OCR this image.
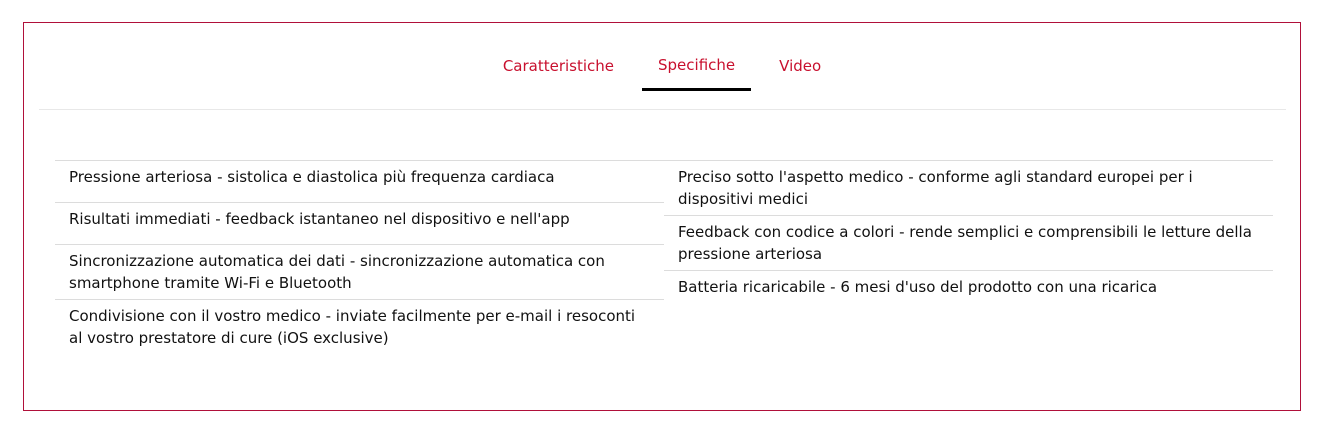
Caratteristiche	Specifiche	Video
Pressione arteriosa - sistolica e diastolica più frequenza cardiaca
Risultati immediati - feedback istantaneo nel dispositivo e nell'app
Sincronizzazione automatica dei dati - sincronizzazione automatica con smartphone tramite Wi-Fi e Bluetooth
Condivisione con il vostro medico - inviate facilmente per e-mail i resoconti al vostro prestatore di cure (iOS exclusive)
Preciso sotto l'aspetto medico - conforme agli standard europei per i dispositivi medici
Feedback con codice a colori - rende semplici e comprensibili le letture della pressione arteriosa
Batteria ricaricabile - 6 mesi d'uso del prodotto con una ricarica
